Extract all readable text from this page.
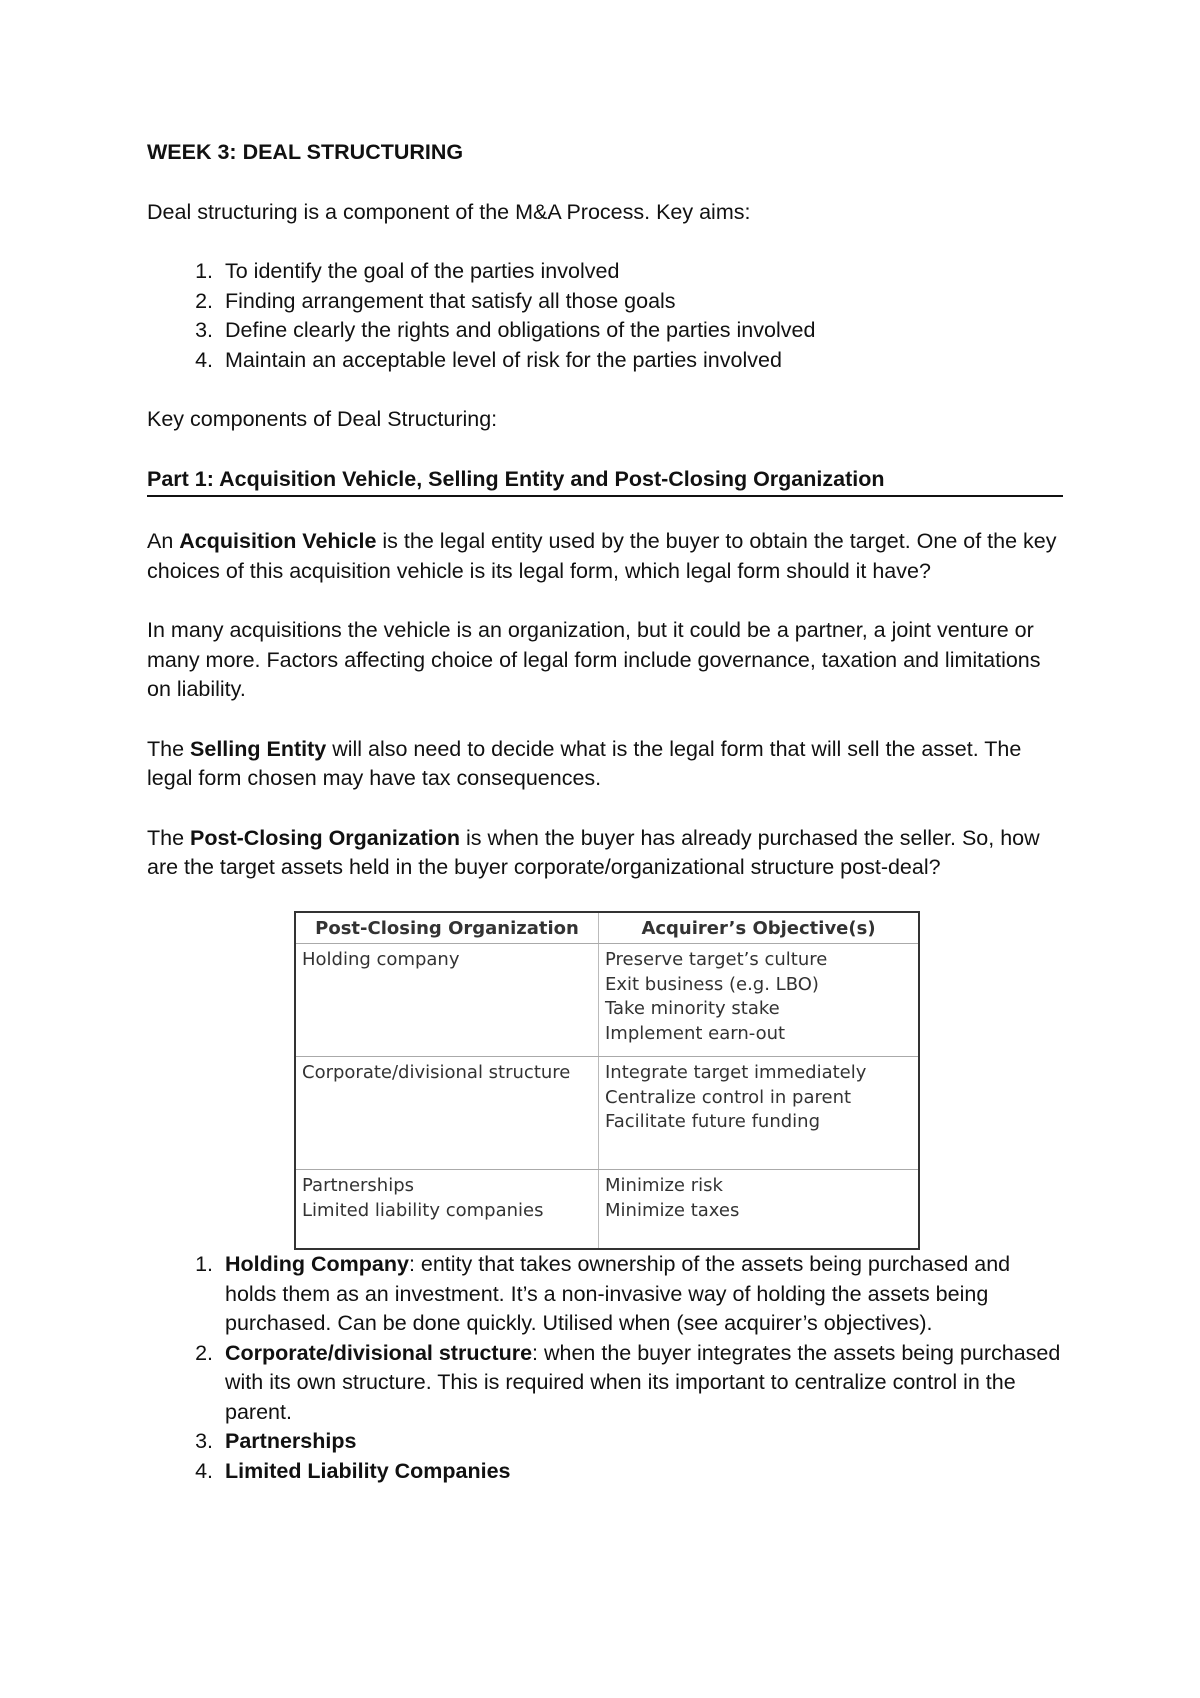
WEEK 3: DEAL STRUCTURING

Deal structuring is a component of the M&A Process. Key aims:

1. To identify the goal of the parties involved
2. Finding arrangement that satisfy all those goals
3. Define clearly the rights and obligations of the parties involved
4. Maintain an acceptable level of risk for the parties involved

Key components of Deal Structuring:

Part 1: Acquisition Vehicle, Selling Entity and Post-Closing Organization

An Acquisition Vehicle is the legal entity used by the buyer to obtain the target. One of the key choices of this acquisition vehicle is its legal form, which legal form should it have?

In many acquisitions the vehicle is an organization, but it could be a partner, a joint venture or many more. Factors affecting choice of legal form include governance, taxation and limitations on liability.

The Selling Entity will also need to decide what is the legal form that will sell the asset. The legal form chosen may have tax consequences.

The Post-Closing Organization is when the buyer has already purchased the seller. So, how are the target assets held in the buyer corporate/organizational structure post-deal?

Post-Closing Organization	Acquirer’s Objective(s)

Holding company	Preserve target’s culture
Exit business (e.g. LBO)
Take minority stake
Implement earn-out

Corporate/divisional structure	Integrate target immediately
Centralize control in parent
Facilitate future funding

Partnerships
Limited liability companies	Minimize risk
Minimize taxes
1. Holding Company: entity that takes ownership of the assets being purchased and holds them as an investment. It’s a non-invasive way of holding the assets being purchased. Can be done quickly. Utilised when (see acquirer’s objectives).
2. Corporate/divisional structure: when the buyer integrates the assets being purchased with its own structure. This is required when its important to centralize control in the parent.
3. Partnerships
4. Limited Liability Companies
